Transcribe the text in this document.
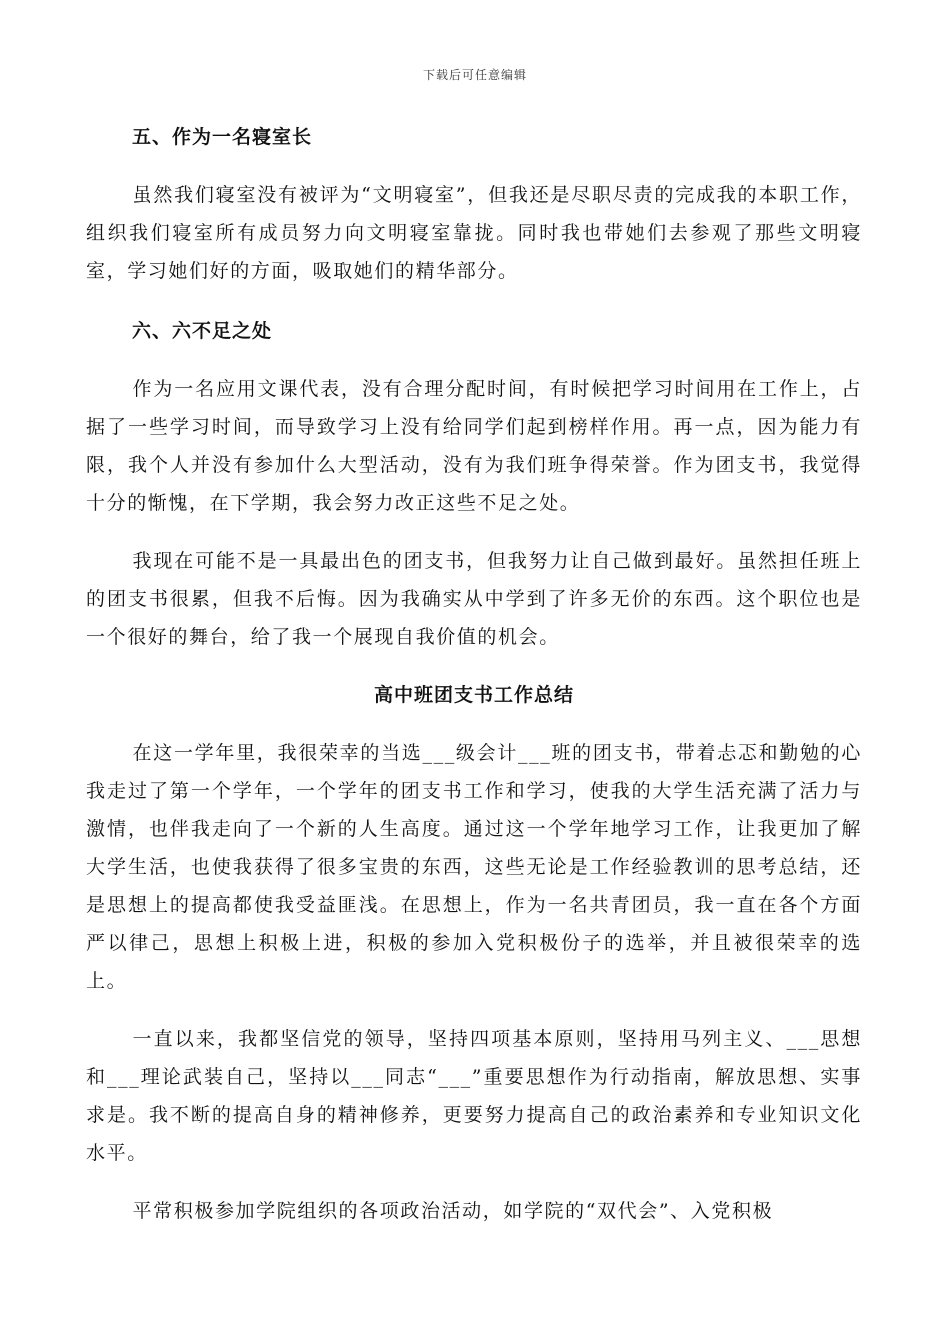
下载后可任意编辑
五、作为一名寝室长

虽然我们寝室没有被评为“文明寝室”，但我还是尽职尽责的完成我的本职工作，组织我们寝室所有成员努力向文明寝室靠拢。同时我也带她们去参观了那些文明寝室，学习她们好的方面，吸取她们的精华部分。

六、六不足之处

作为一名应用文课代表，没有合理分配时间，有时候把学习时间用在工作上，占据了一些学习时间，而导致学习上没有给同学们起到榜样作用。再一点，因为能力有限，我个人并没有参加什么大型活动，没有为我们班争得荣誉。作为团支书，我觉得十分的惭愧，在下学期，我会努力改正这些不足之处。

我现在可能不是一具最出色的团支书，但我努力让自己做到最好。虽然担任班上的团支书很累，但我不后悔。因为我确实从中学到了许多无价的东西。这个职位也是一个很好的舞台，给了我一个展现自我价值的机会。

高中班团支书工作总结

在这一学年里，我很荣幸的当选___级会计___班的团支书，带着忐忑和勤勉的心我走过了第一个学年，一个学年的团支书工作和学习，使我的大学生活充满了活力与激情，也伴我走向了一个新的人生高度。通过这一个学年地学习工作，让我更加了解大学生活，也使我获得了很多宝贵的东西，这些无论是工作经验教训的思考总结，还是思想上的提高都使我受益匪浅。在思想上，作为一名共青团员，我一直在各个方面严以律己，思想上积极上进，积极的参加入党积极份子的选举，并且被很荣幸的选上。

一直以来，我都坚信党的领导，坚持四项基本原则，坚持用马列主义、___思想和___理论武装自己，坚持以___同志“___”重要思想作为行动指南，解放思想、实事求是。我不断的提高自身的精神修养，更要努力提高自己的政治素养和专业知识文化水平。

平常积极参加学院组织的各项政治活动，如学院的“双代会”、入党积极
